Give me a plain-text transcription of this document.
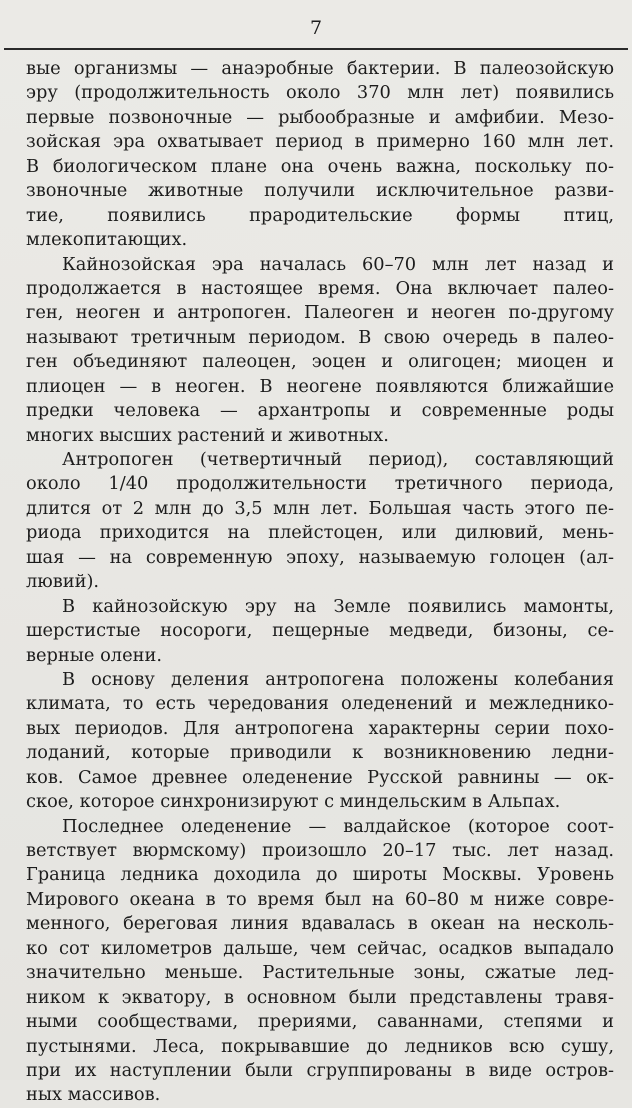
7
вые организмы — анаэробные бактерии. В палеозойскую
эру (продолжительность около 370 млн лет) появились
первые позвоночные — рыбообразные и амфибии. Мезо-
зойская эра охватывает период в примерно 160 млн лет.
В биологическом плане она очень важна, поскольку по-
звоночные животные получили исключительное разви-
тие, появились прародительские формы птиц,
млекопитающих.
Кайнозойская эра началась 60–70 млн лет назад и
продолжается в настоящее время. Она включает палео-
ген, неоген и антропоген. Палеоген и неоген по-другому
называют третичным периодом. В свою очередь в палео-
ген объединяют палеоцен, эоцен и олигоцен; миоцен и
плиоцен — в неоген. В неогене появляются ближайшие
предки человека — архантропы и современные роды
многих высших растений и животных.
Антропоген (четвертичный период), составляющий
около 1/40 продолжительности третичного периода,
длится от 2 млн до 3,5 млн лет. Большая часть этого пе-
риода приходится на плейстоцен, или дилювий, мень-
шая — на современную эпоху, называемую голоцен (ал-
лювий).
В кайнозойскую эру на Земле появились мамонты,
шерстистые носороги, пещерные медведи, бизоны, се-
верные олени.
В основу деления антропогена положены колебания
климата, то есть чередования оледенений и межледнико-
вых периодов. Для антропогена характерны серии похо-
лоданий, которые приводили к возникновению ледни-
ков. Самое древнее оледенение Русской равнины — ок-
ское, которое синхронизируют с миндельским в Альпах.
Последнее оледенение — валдайское (которое соот-
ветствует вюрмскому) произошло 20–17 тыс. лет назад.
Граница ледника доходила до широты Москвы. Уровень
Мирового океана в то время был на 60–80 м ниже совре-
менного, береговая линия вдавалась в океан на несколь-
ко сот километров дальше, чем сейчас, осадков выпадало
значительно меньше. Растительные зоны, сжатые лед-
ником к экватору, в основном были представлены травя-
ными сообществами, прериями, саваннами, степями и
пустынями. Леса, покрывавшие до ледников всю сушу,
при их наступлении были сгруппированы в виде остров-
ных массивов.
